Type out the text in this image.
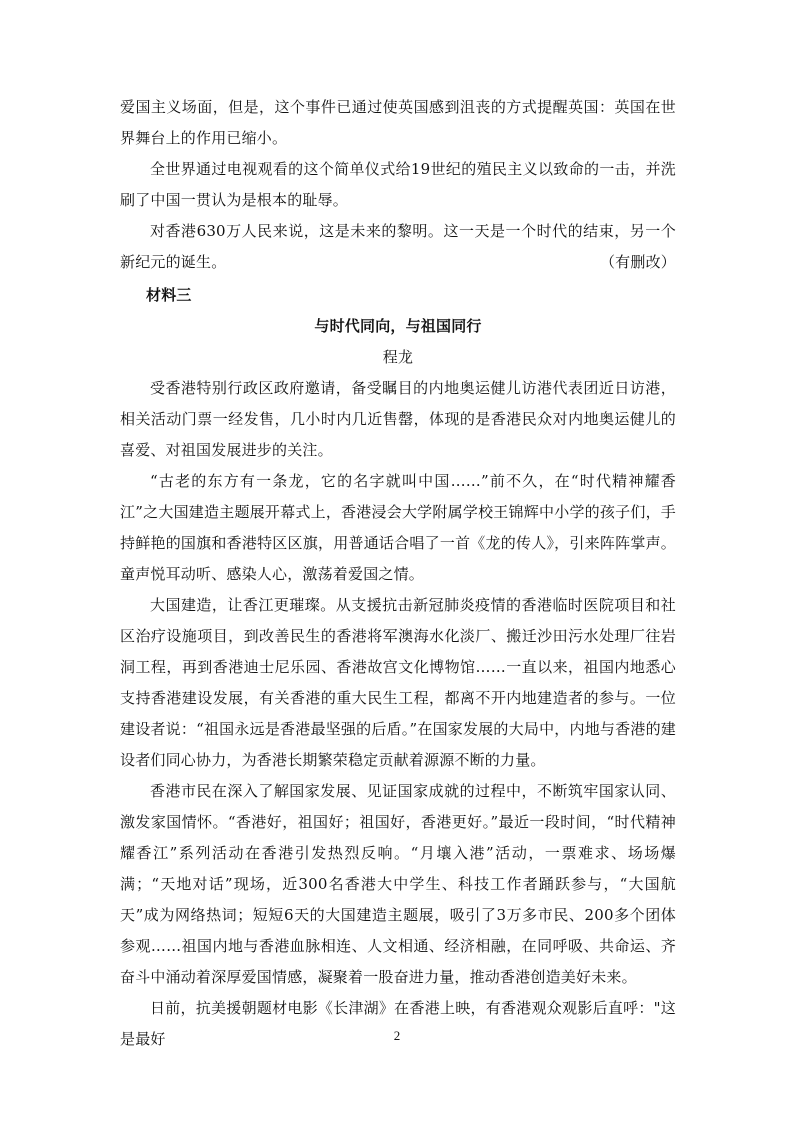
爱国主义场面，但是，这个事件已通过使英国感到沮丧的方式提醒英国：英国在世界舞台上的作用已缩小。

全世界通过电视观看的这个简单仪式给19世纪的殖民主义以致命的一击，并洗刷了中国一贯认为是根本的耻辱。

对香港630万人民来说，这是未来的黎明。这一天是一个时代的结束，另一个新纪元的诞生。	（有删改）
材料三
与时代同向，与祖国同行
程龙

受香港特别行政区政府邀请，备受瞩目的内地奥运健儿访港代表团近日访港，相关活动门票一经发售，几小时内几近售罄，体现的是香港民众对内地奥运健儿的喜爱、对祖国发展进步的关注。

“古老的东方有一条龙，它的名字就叫中国……”前不久，在“时代精神耀香江”之大国建造主题展开幕式上，香港浸会大学附属学校王锦辉中小学的孩子们，手持鲜艳的国旗和香港特区区旗，用普通话合唱了一首《龙的传人》，引来阵阵掌声。童声悦耳动听、感染人心，激荡着爱国之情。

大国建造，让香江更璀璨。从支援抗击新冠肺炎疫情的香港临时医院项目和社区治疗设施项目，到改善民生的香港将军澳海水化淡厂、搬迁沙田污水处理厂往岩洞工程，再到香港迪士尼乐园、香港故宫文化博物馆……一直以来，祖国内地悉心支持香港建设发展，有关香港的重大民生工程，都离不开内地建造者的参与。一位建设者说：“祖国永远是香港最坚强的后盾。”在国家发展的大局中，内地与香港的建设者们同心协力，为香港长期繁荣稳定贡献着源源不断的力量。

香港市民在深入了解国家发展、见证国家成就的过程中，不断筑牢国家认同、激发家国情怀。“香港好，祖国好；祖国好，香港更好。”最近一段时间，“时代精神耀香江”系列活动在香港引发热烈反响。“月壤入港”活动，一票难求、场场爆满；“天地对话”现场，近300名香港大中学生、科技工作者踊跃参与，“大国航天”成为网络热词；短短6天的大国建造主题展，吸引了3万多市民、200多个团体参观……祖国内地与香港血脉相连、人文相通、经济相融，在同呼吸、共命运、齐奋斗中涌动着深厚爱国情感，凝聚着一股奋进力量，推动香港创造美好未来。

日前，抗美援朝题材电影《长津湖》在香港上映，有香港观众观影后直呼："这是最好	2
